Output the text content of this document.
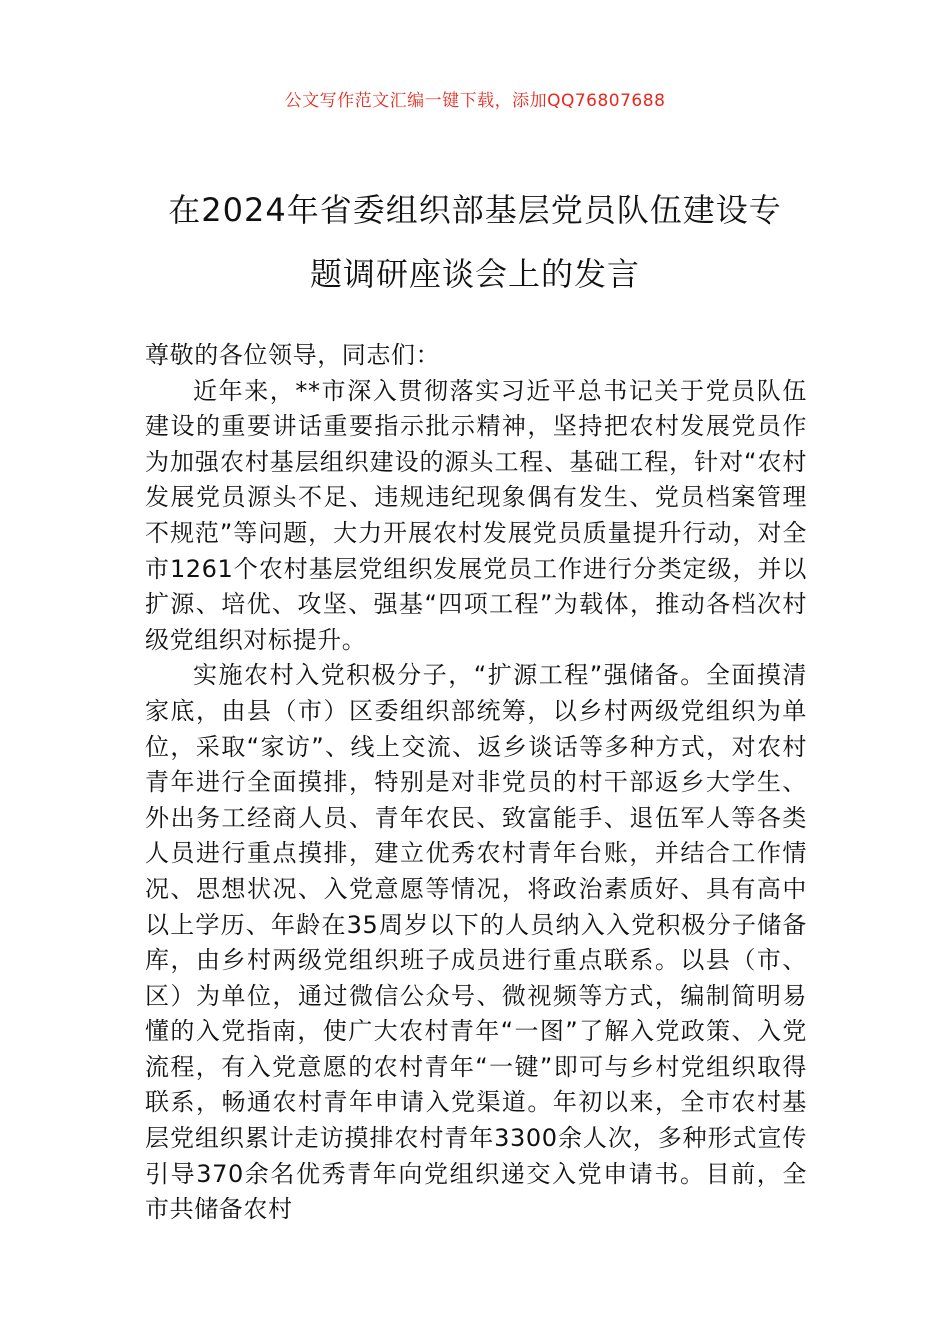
公文写作范文汇编一键下载，添加QQ76807688
在2024年省委组织部基层党员队伍建设专
题调研座谈会上的发言

尊敬的各位领导，同志们：

近年来，**市深入贯彻落实习近平总书记关于党员队伍建设的重要讲话重要指示批示精神，坚持把农村发展党员作为加强农村基层组织建设的源头工程、基础工程，针对“农村发展党员源头不足、违规违纪现象偶有发生、党员档案管理不规范”等问题，大力开展农村发展党员质量提升行动，对全市1261个农村基层党组织发展党员工作进行分类定级，并以扩源、培优、攻坚、强基“四项工程”为载体，推动各档次村级党组织对标提升。

实施农村入党积极分子，“扩源工程”强储备。全面摸清家底，由县（市）区委组织部统筹，以乡村两级党组织为单位，采取“家访”、线上交流、返乡谈话等多种方式，对农村青年进行全面摸排，特别是对非党员的村干部返乡大学生、外出务工经商人员、青年农民、致富能手、退伍军人等各类人员进行重点摸排，建立优秀农村青年台账，并结合工作情况、思想状况、入党意愿等情况，将政治素质好、具有高中以上学历、年龄在35周岁以下的人员纳入入党积极分子储备库，由乡村两级党组织班子成员进行重点联系。以县（市、区）为单位，通过微信公众号、微视频等方式，编制简明易懂的入党指南，使广大农村青年“一图”了解入党政策、入党流程，有入党意愿的农村青年“一键”即可与乡村党组织取得联系，畅通农村青年申请入党渠道。年初以来，全市农村基层党组织累计走访摸排农村青年3300余人次，多种形式宣传引导370余名优秀青年向党组织递交入党申请书。目前，全市共储备农村
